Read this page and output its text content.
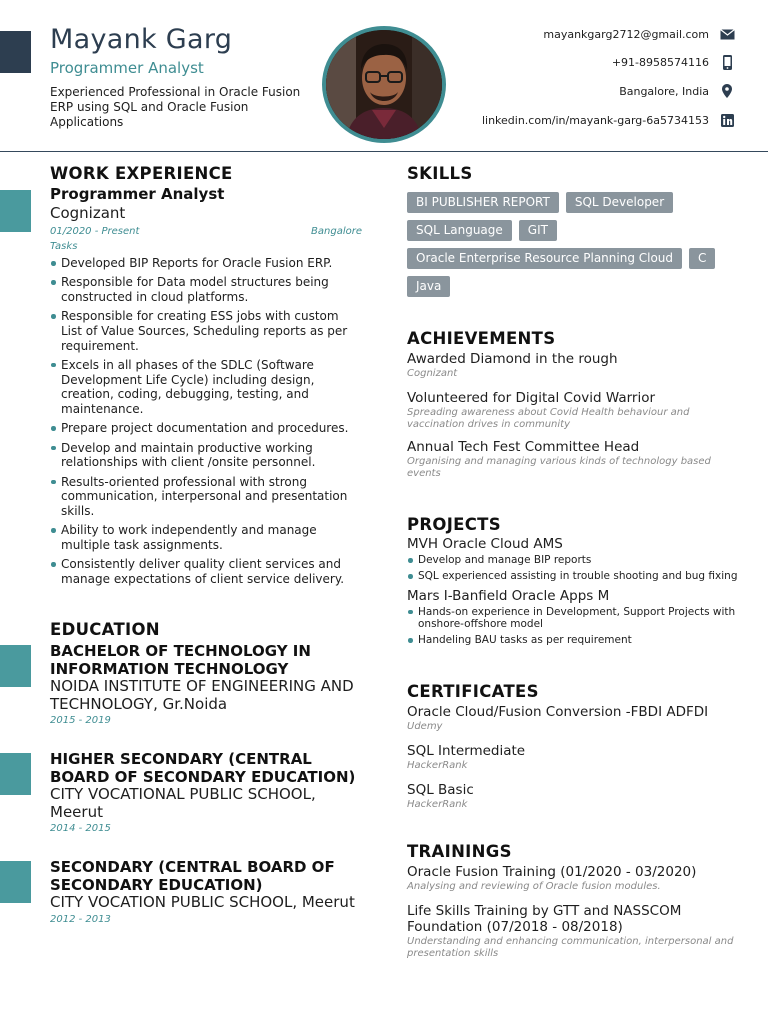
Mayank Garg
Programmer Analyst
Experienced Professional in Oracle Fusion ERP using SQL and Oracle Fusion Applications
mayankgarg2712@gmail.com
+91-8958574116
Bangalore, India
linkedin.com/in/mayank-garg-6a5734153
WORK EXPERIENCE
Programmer Analyst
Cognizant
01/2020 - Present	Bangalore
Tasks
Developed BIP Reports for Oracle Fusion ERP.
Responsible for Data model structures being constructed in cloud platforms.
Responsible for creating ESS jobs with custom List of Value Sources, Scheduling reports as per requirement.
Excels in all phases of the SDLC (Software Development Life Cycle) including design, creation, coding, debugging, testing, and maintenance.
Prepare project documentation and procedures.
Develop and maintain productive working relationships with client /onsite personnel.
Results-oriented professional with strong communication, interpersonal and presentation skills.
Ability to work independently and manage multiple task assignments.
Consistently deliver quality client services and manage expectations of client service delivery.
EDUCATION
BACHELOR OF TECHNOLOGY IN INFORMATION TECHNOLOGY
NOIDA INSTITUTE OF ENGINEERING AND TECHNOLOGY, Gr.Noida
2015 - 2019
HIGHER SECONDARY (CENTRAL BOARD OF SECONDARY EDUCATION)
CITY VOCATIONAL PUBLIC SCHOOL, Meerut
2014 - 2015
SECONDARY (CENTRAL BOARD OF SECONDARY EDUCATION)
CITY VOCATION PUBLIC SCHOOL, Meerut
2012 - 2013
SKILLS
BI PUBLISHER REPORT	SQL Developer
SQL Language	GIT
Oracle Enterprise Resource Planning Cloud	C
Java
ACHIEVEMENTS
Awarded Diamond in the rough
Cognizant
Volunteered for Digital Covid Warrior
Spreading awareness about Covid Health behaviour and vaccination drives in community
Annual Tech Fest Committee Head
Organising and managing various kinds of technology based events
PROJECTS
MVH Oracle Cloud AMS
Develop and manage BIP reports
SQL experienced assisting in trouble shooting and bug fixing
Mars I-Banfield Oracle Apps M
Hands-on experience in Development, Support Projects with onshore-offshore model
Handeling BAU tasks as per requirement
CERTIFICATES
Oracle Cloud/Fusion Conversion -FBDI ADFDI
Udemy
SQL Intermediate
HackerRank
SQL Basic
HackerRank
TRAININGS
Oracle Fusion Training (01/2020 - 03/2020)
Analysing and reviewing of Oracle fusion modules.
Life Skills Training by GTT and NASSCOM Foundation (07/2018 - 08/2018)
Understanding and enhancing communication, interpersonal and presentation skills
